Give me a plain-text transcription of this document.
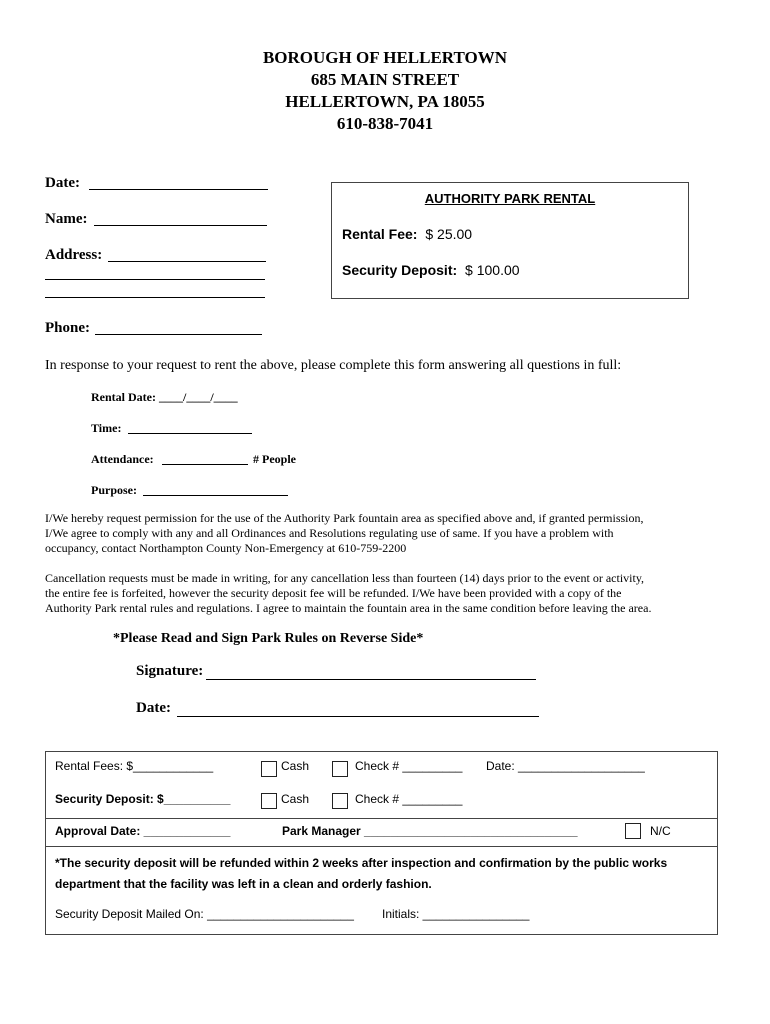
BOROUGH OF HELLERTOWN
685 MAIN STREET
HELLERTOWN, PA 18055
610-838-7041
Date:
Name:
Address:
Phone:
AUTHORITY PARK RENTAL
Rental Fee: $ 25.00
Security Deposit: $ 100.00
In response to your request to rent the above, please complete this form answering all questions in full:
Rental Date: ____/____/____
Time:
Attendance:	# People
Purpose:
I/We hereby request permission for the use of the Authority Park fountain area as specified above and, if granted permission,
I/We agree to comply with any and all Ordinances and Resolutions regulating use of same. If you have a problem with
occupancy, contact Northampton County Non-Emergency at 610-759-2200
Cancellation requests must be made in writing, for any cancellation less than fourteen (14) days prior to the event or activity,
the entire fee is forfeited, however the security deposit fee will be refunded. I/We have been provided with a copy of the
Authority Park rental rules and regulations. I agree to maintain the fountain area in the same condition before leaving the area.
*Please Read and Sign Park Rules on Reverse Side*
Signature:
Date:
Rental Fees: $____________	Cash	Check # _________ Date: ___________________
Security Deposit: $__________	Cash	Check # _________
Approval Date: _____________	Park Manager ________________________________	N/C
*The security deposit will be refunded within 2 weeks after inspection and confirmation by the public works
department that the facility was left in a clean and orderly fashion.
Security Deposit Mailed On: ______________________ Initials: ________________
